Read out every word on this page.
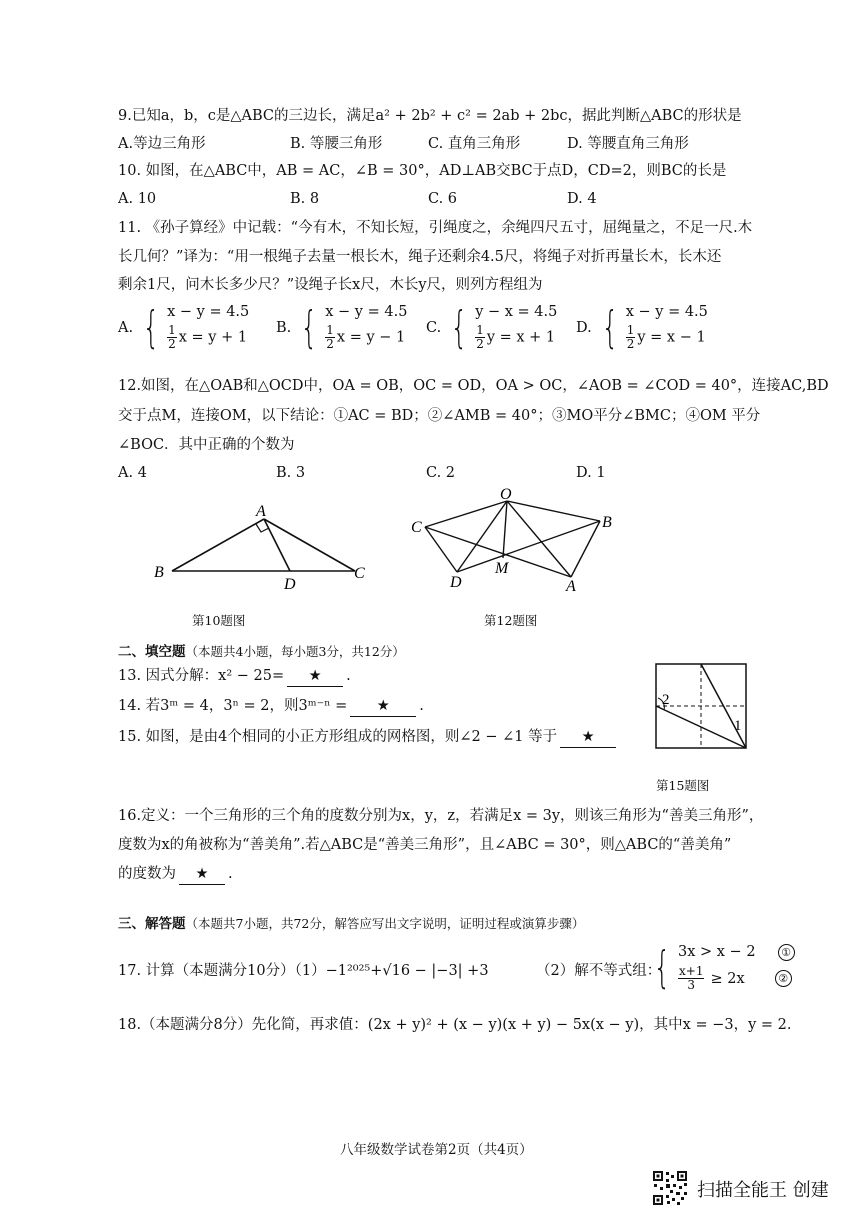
9.已知a，b，c是△ABC的三边长，满足a² + 2b² + c² = 2ab + 2bc，据此判断△ABC的形状是
A.等边三角形	B. 等腰三角形	C. 直角三角形	D. 等腰直角三角形
10. 如图，在△ABC中，AB = AC，∠B = 30°，AD⊥AB交BC于点D，CD=2，则BC的长是
A. 10	B. 8	C. 6	D. 4
11. 《孙子算经》中记载：“今有木，不知长短，引绳度之，余绳四尺五寸，屈绳量之，不足一尺.木
长几何？”译为：“用一根绳子去量一根长木，绳子还剩余4.5尺，将绳子对折再量长木，长木还
剩余1尺，问木长多少尺？”设绳子长x尺，木长y尺，则列方程组为
A. { x − y = 4.5
$\frac{1}{2}$ x = y + 1
B. { x − y = 4.5
$\frac{1}{2}$ x = y − 1
C. { y − x = 4.5
$\frac{1}{2}$ y = x + 1
D. { x − y = 4.5
$\frac{1}{2}$ y = x − 1
12.如图，在△OAB和△OCD中，OA = OB，OC = OD，OA > OC，∠AOB = ∠COD = 40°，连接AC,BD
交于点M，连接OM，以下结论：①AC = BD；②∠AMB = 40°；③MO平分∠BMC；④OM 平分
∠BOC．其中正确的个数为
A. 4	B. 3	C. 2	D. 1
A
B	C
D
第10题图
O
C	B
D
M
A
第12题图
二、填空题（本题共4小题，每小题3分，共12分）
13. 因式分解：x² − 25= ★ .
14. 若3ᵐ = 4，3ⁿ = 2，则3ᵐ⁻ⁿ = ★ .
15. 如图，是由4个相同的小正方形组成的网格图，则∠2 − ∠1 等于 ★
2
1
第15题图
16.定义：一个三角形的三个角的度数分别为x，y，z，若满足x = 3y，则该三角形为“善美三角形”，
度数为x的角被称为“善美角”.若△ABC是“善美三角形”，且∠ABC = 30°，则△ABC的“善美角”
的度数为 ★ .
三、解答题（本题共7小题，共72分，解答应写出文字说明，证明过程或演算步骤）
17. 计算（本题满分10分）（1）−1²⁰²⁵+√16 − |−3| +3	（2）解不等式组：
{ 3x > x − 2	①
$\frac{x+1}{3} \ge 2x$	②
18.（本题满分8分）先化简，再求值：(2x + y)² + (x − y)(x + y) − 5x(x − y)，其中x = −3，y = 2.
八年级数学试卷第2页（共4页）
扫描全能王 创建
